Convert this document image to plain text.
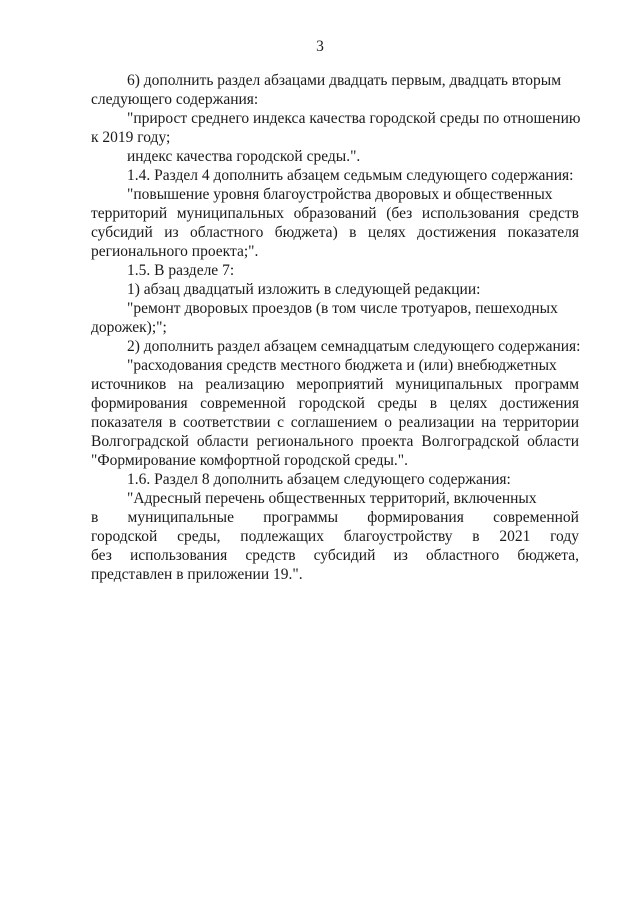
3
6) дополнить раздел абзацами двадцать первым, двадцать вторым
следующего содержания:
"прирост среднего индекса качества городской среды по отношению
к 2019 году;
индекс качества городской среды.".
1.4. Раздел 4 дополнить абзацем седьмым следующего содержания:
"повышение уровня благоустройства дворовых и общественных
территорий муниципальных образований (без использования средств
субсидий из областного бюджета) в целях достижения показателя
регионального проекта;".
1.5. В разделе 7:
1) абзац двадцатый изложить в следующей редакции:
"ремонт дворовых проездов (в том числе тротуаров, пешеходных
дорожек);";
2) дополнить раздел абзацем семнадцатым следующего содержания:
"расходования средств местного бюджета и (или) внебюджетных
источников на реализацию мероприятий муниципальных программ
формирования современной городской среды в целях достижения
показателя в соответствии с соглашением о реализации на территории
Волгоградской области регионального проекта Волгоградской области
"Формирование комфортной городской среды.".
1.6. Раздел 8 дополнить абзацем следующего содержания:
"Адресный перечень общественных территорий, включенных
в муниципальные программы формирования современной
городской среды, подлежащих благоустройству в 2021 году
без использования средств субсидий из областного бюджета,
представлен в приложении 19.".
